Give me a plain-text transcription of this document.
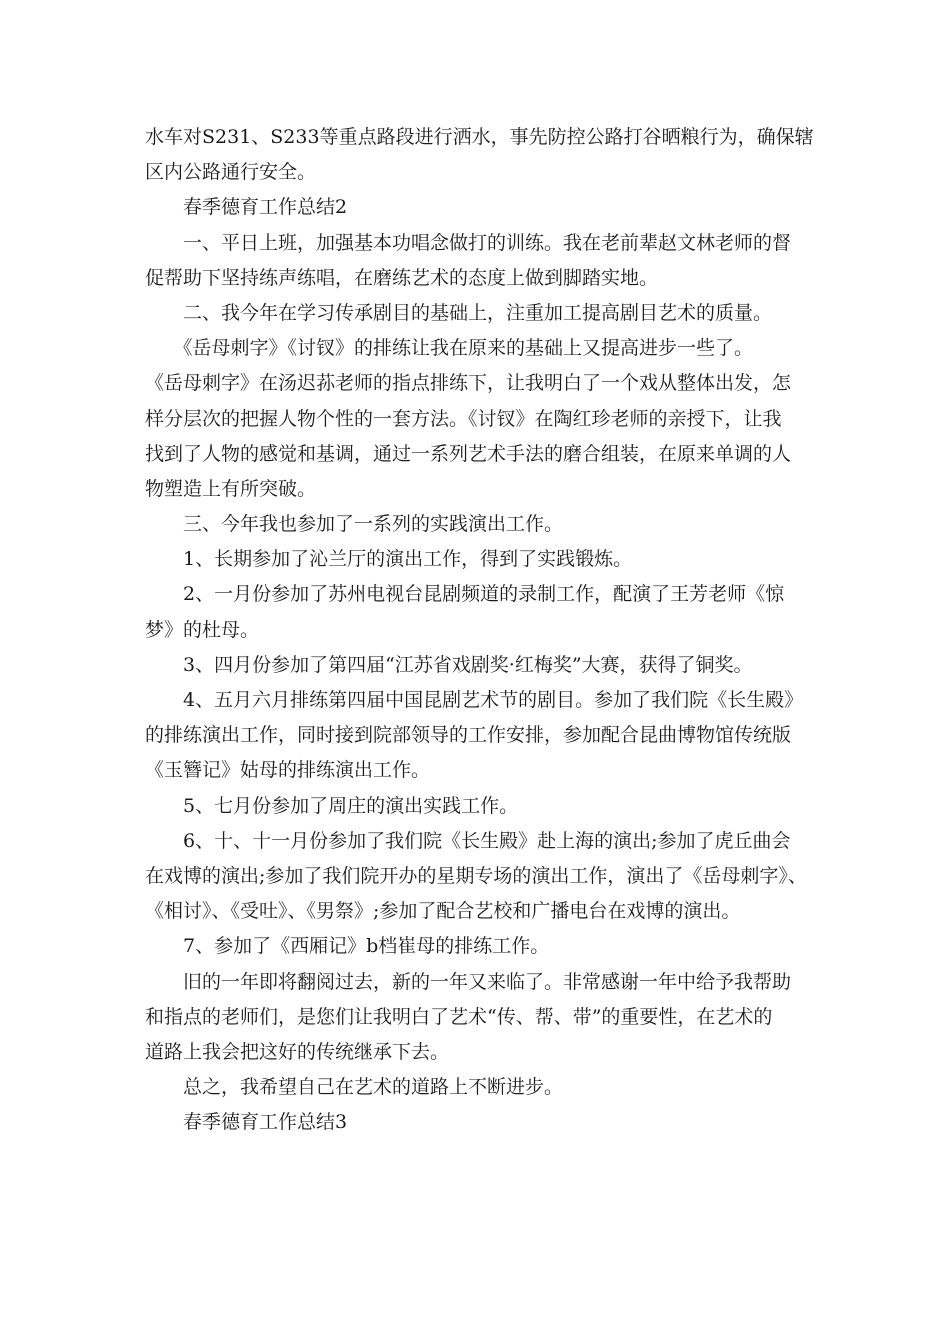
水车对S231、S233等重点路段进行洒水，事先防控公路打谷晒粮行为，确保辖
区内公路通行安全。

　　春季德育工作总结2

　　一、平日上班，加强基本功唱念做打的训练。我在老前辈赵文林老师的督
促帮助下坚持练声练唱，在磨练艺术的态度上做到脚踏实地。

　　二、我今年在学习传承剧目的基础上，注重加工提高剧目艺术的质量。

　　《岳母刺字》《讨钗》的排练让我在原来的基础上又提高进步一些了。
《岳母刺字》在汤迟荪老师的指点排练下，让我明白了一个戏从整体出发，怎
样分层次的把握人物个性的一套方法。《讨钗》在陶红珍老师的亲授下，让我
找到了人物的感觉和基调，通过一系列艺术手法的磨合组装，在原来单调的人
物塑造上有所突破。

　　三、今年我也参加了一系列的实践演出工作。

　　1、长期参加了沁兰厅的演出工作，得到了实践锻炼。

　　2、一月份参加了苏州电视台昆剧频道的录制工作，配演了王芳老师《惊
梦》的杜母。

　　3、四月份参加了第四届“江苏省戏剧奖·红梅奖”大赛，获得了铜奖。

　　4、五月六月排练第四届中国昆剧艺术节的剧目。参加了我们院《长生殿》
的排练演出工作，同时接到院部领导的工作安排，参加配合昆曲博物馆传统版
《玉簪记》姑母的排练演出工作。

　　5、七月份参加了周庄的演出实践工作。

　　6、十、十一月份参加了我们院《长生殿》赴上海的演出;参加了虎丘曲会
在戏博的演出;参加了我们院开办的星期专场的演出工作，演出了《岳母刺字》、
《相讨》、《受吐》、《男祭》;参加了配合艺校和广播电台在戏博的演出。

　　7、参加了《西厢记》b档崔母的排练工作。

　　旧的一年即将翻阅过去，新的一年又来临了。非常感谢一年中给予我帮助
和指点的老师们，是您们让我明白了艺术“传、帮、带”的重要性，在艺术的
道路上我会把这好的传统继承下去。

　　总之，我希望自己在艺术的道路上不断进步。

　　春季德育工作总结3
